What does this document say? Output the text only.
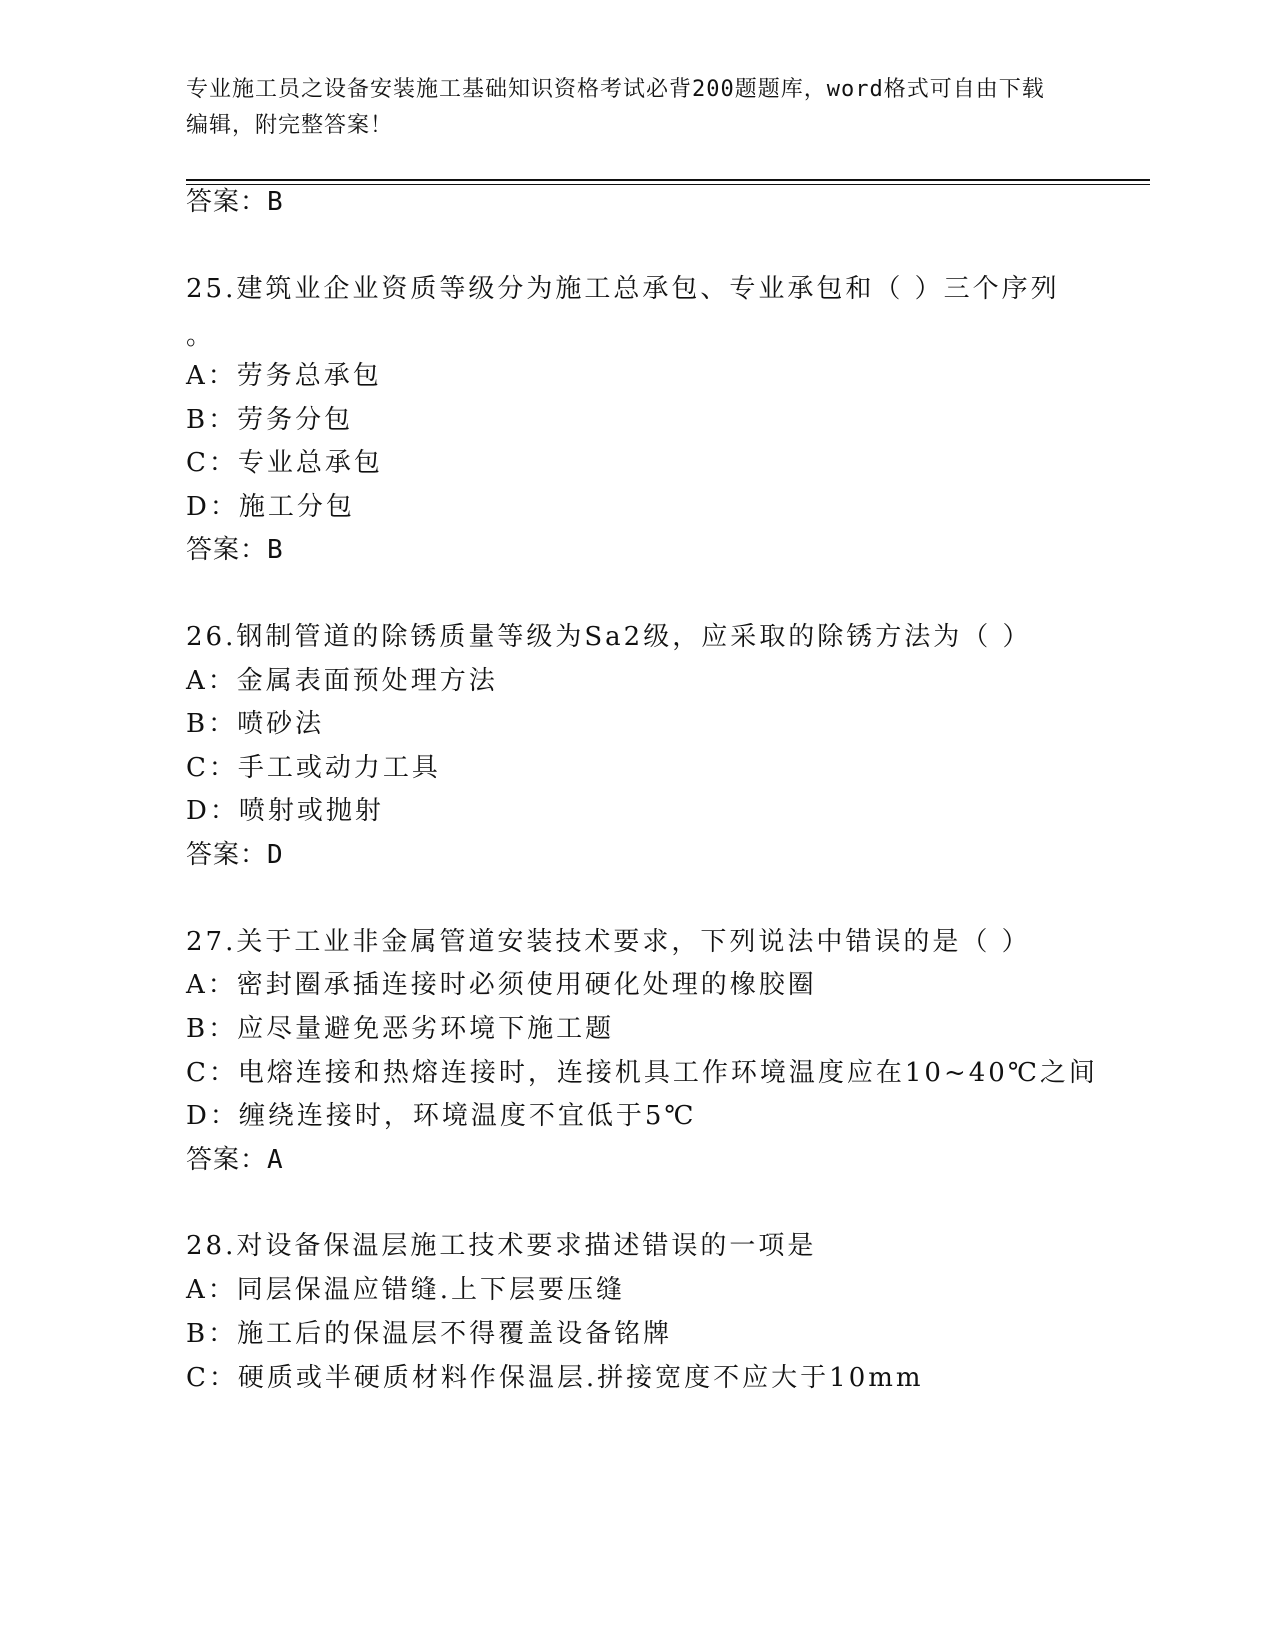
专业施工员之设备安装施工基础知识资格考试必背200题题库，word格式可自由下载编辑，附完整答案！
答案：B
25.建筑业企业资质等级分为施工总承包、专业承包和（ ）三个序列
。
A：劳务总承包
B：劳务分包
C：专业总承包
D：施工分包
答案：B
26.钢制管道的除锈质量等级为Sa2级，应采取的除锈方法为（ ）
A：金属表面预处理方法
B：喷砂法
C：手工或动力工具
D：喷射或抛射
答案：D
27.关于工业非金属管道安装技术要求，下列说法中错误的是（ ）
A：密封圈承插连接时必须使用硬化处理的橡胶圈
B：应尽量避免恶劣环境下施工题
C：电熔连接和热熔连接时，连接机具工作环境温度应在10~40℃之间
D：缠绕连接时，环境温度不宜低于5℃
答案：A
28.对设备保温层施工技术要求描述错误的一项是
A：同层保温应错缝.上下层要压缝
B：施工后的保温层不得覆盖设备铭牌
C：硬质或半硬质材料作保温层.拼接宽度不应大于10mm
